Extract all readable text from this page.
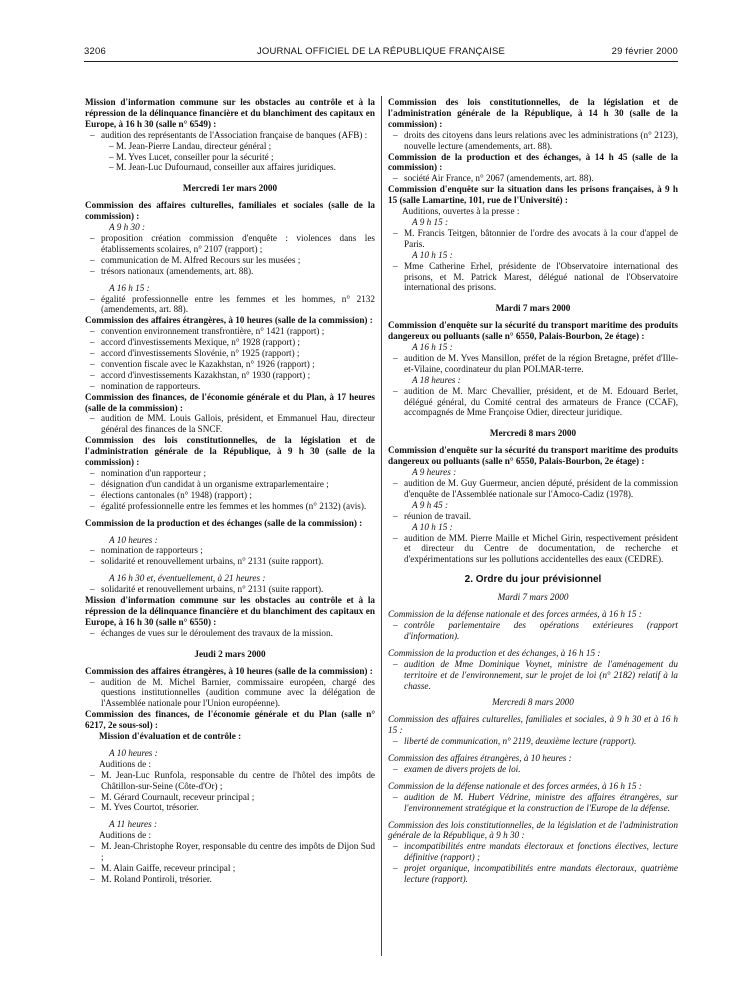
3206	JOURNAL OFFICIEL DE LA RÉPUBLIQUE FRANÇAISE	29 février 2000

Mission d'information commune sur les obstacles au contrôle et à la répression de la délinquance financière et du blanchiment des capitaux en Europe, à 16 h 30 (salle n° 6549) :

– audition des représentants de l'Association française de banques (AFB) :

– M. Jean-Pierre Landau, directeur général ;

– M. Yves Lucet, conseiller pour la sécurité ;

– M. Jean-Luc Dufournaud, conseiller aux affaires juridiques.

Mercredi 1er mars 2000

Commission des affaires culturelles, familiales et sociales (salle de la commission) :

A 9 h 30 :

– proposition création commission d'enquête : violences dans les établissements scolaires, n° 2107 (rapport) ;

– communication de M. Alfred Recours sur les musées ;

– trésors nationaux (amendements, art. 88).

A 16 h 15 :

– égalité professionnelle entre les femmes et les hommes, n° 2132 (amendements, art. 88).

Commission des affaires étrangères, à 10 heures (salle de la commission) :

– convention environnement transfrontière, n° 1421 (rapport) ;

– accord d'investissements Mexique, n° 1928 (rapport) ;

– accord d'investissements Slovénie, n° 1925 (rapport) ;

– convention fiscale avec le Kazakhstan, n° 1926 (rapport) ;

– accord d'investissements Kazakhstan, n° 1930 (rapport) ;

– nomination de rapporteurs.

Commission des finances, de l'économie générale et du Plan, à 17 heures (salle de la commission) :

– audition de MM. Louis Gallois, président, et Emmanuel Hau, directeur général des finances de la SNCF.

Commission des lois constitutionnelles, de la législation et de l'administration générale de la République, à 9 h 30 (salle de la commission) :

– nomination d'un rapporteur ;

– désignation d'un candidat à un organisme extraparlementaire ;

– élections cantonales (n° 1948) (rapport) ;

– égalité professionnelle entre les femmes et les hommes (n° 2132) (avis).

Commission de la production et des échanges (salle de la commission) :

A 10 heures :

– nomination de rapporteurs ;

– solidarité et renouvellement urbains, n° 2131 (suite rapport).

A 16 h 30 et, éventuellement, à 21 heures :

– solidarité et renouvellement urbains, n° 2131 (suite rapport).

Mission d'information commune sur les obstacles au contrôle et à la répression de la délinquance financière et du blanchiment des capitaux en Europe, à 16 h 30 (salle n° 6550) :

– échanges de vues sur le déroulement des travaux de la mission.

Jeudi 2 mars 2000

Commission des affaires étrangères, à 10 heures (salle de la commission) :

– audition de M. Michel Barnier, commissaire européen, chargé des questions institutionnelles (audition commune avec la délégation de l'Assemblée nationale pour l'Union européenne).

Commission des finances, de l'économie générale et du Plan (salle n° 6217, 2e sous-sol) :

Mission d'évaluation et de contrôle :

A 10 heures :

Auditions de :

– M. Jean-Luc Runfola, responsable du centre de l'hôtel des impôts de Châtillon-sur-Seine (Côte-d'Or) ;

– M. Gérard Cournault, receveur principal ;

– M. Yves Courtot, trésorier.

A 11 heures :

Auditions de :

– M. Jean-Christophe Royer, responsable du centre des impôts de Dijon Sud ;

– M. Alain Gaiffe, receveur principal ;

– M. Roland Pontiroli, trésorier.

Commission des lois constitutionnelles, de la législation et de l'administration générale de la République, à 14 h 30 (salle de la commission) :

– droits des citoyens dans leurs relations avec les administrations (n° 2123), nouvelle lecture (amendements, art. 88).

Commission de la production et des échanges, à 14 h 45 (salle de la commission) :

– société Air France, n° 2067 (amendements, art. 88).

Commission d'enquête sur la situation dans les prisons françaises, à 9 h 15 (salle Lamartine, 101, rue de l'Université) :

Auditions, ouvertes à la presse :

A 9 h 15 :

– M. Francis Teitgen, bâtonnier de l'ordre des avocats à la cour d'appel de Paris.

A 10 h 15 :

– Mme Catherine Erhel, présidente de l'Observatoire international des prisons, et M. Patrick Marest, délégué national de l'Observatoire international des prisons.

Mardi 7 mars 2000

Commission d'enquête sur la sécurité du transport maritime des produits dangereux ou polluants (salle n° 6550, Palais-Bourbon, 2e étage) :

A 16 h 15 :

– audition de M. Yves Mansillon, préfet de la région Bretagne, préfet d'Ille-et-Vilaine, coordinateur du plan POLMAR-terre.

A 18 heures :

– audition de M. Marc Chevallier, président, et de M. Edouard Berlet, délégué général, du Comité central des armateurs de France (CCAF), accompagnés de Mme Françoise Odier, directeur juridique.

Mercredi 8 mars 2000

Commission d'enquête sur la sécurité du transport maritime des produits dangereux ou polluants (salle n° 6550, Palais-Bourbon, 2e étage) :

A 9 heures :

– audition de M. Guy Guermeur, ancien député, président de la commission d'enquête de l'Assemblée nationale sur l'Amoco-Cadiz (1978).

A 9 h 45 :

– réunion de travail.

A 10 h 15 :

– audition de MM. Pierre Maille et Michel Girin, respectivement président et directeur du Centre de documentation, de recherche et d'expérimentations sur les pollutions accidentelles des eaux (CEDRE).

2. Ordre du jour prévisionnel

Mardi 7 mars 2000

Commission de la défense nationale et des forces armées, à 16 h 15 :

– contrôle parlementaire des opérations extérieures (rapport d'information).

Commission de la production et des échanges, à 16 h 15 :

– audition de Mme Dominique Voynet, ministre de l'aménagement du territoire et de l'environnement, sur le projet de loi (n° 2182) relatif à la chasse.

Mercredi 8 mars 2000

Commission des affaires culturelles, familiales et sociales, à 9 h 30 et à 16 h 15 :

– liberté de communication, n° 2119, deuxième lecture (rapport).

Commission des affaires étrangères, à 10 heures :

– examen de divers projets de loi.

Commission de la défense nationale et des forces armées, à 16 h 15 :

– audition de M. Hubert Védrine, ministre des affaires étrangères, sur l'environnement stratégique et la construction de l'Europe de la défense.

Commission des lois constitutionnelles, de la législation et de l'administration générale de la République, à 9 h 30 :

– incompatibilités entre mandats électoraux et fonctions électives, lecture définitive (rapport) ;

– projet organique, incompatibilités entre mandats électoraux, quatrième lecture (rapport).
